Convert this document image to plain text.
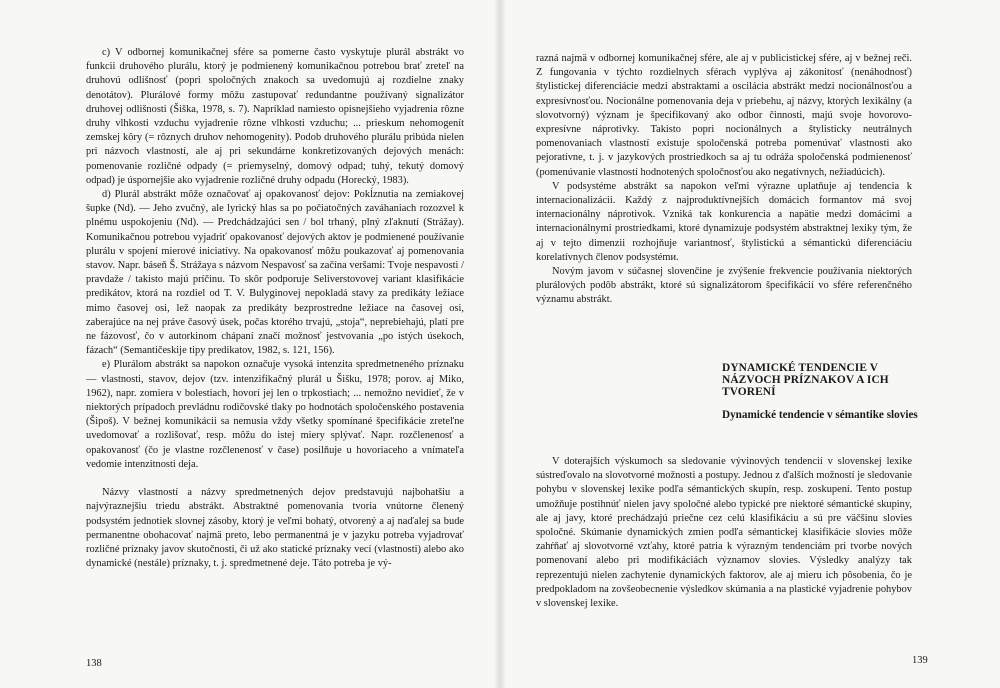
c) V odbornej komunikačnej sfére sa pomerne často vyskytuje plurál abstrákt vo funkcii druhového plurálu, ktorý je podmienený komunikačnou potrebou brať zreteľ na druhovú odlišnosť (popri spoločných znakoch sa uvedomujú aj rozdielne znaky denotátov). Plurálové formy môžu zastupovať redundantne používaný signalizátor druhovej odlišnosti (Šiška, 1978, s. 7). Napríklad namiesto opisnejšieho vyjadrenia rôzne druhy vlhkosti vzduchu vyjadrenie rôzne vlhkosti vzduchu; ... prieskum nehomogenít zemskej kôry (= rôznych druhov nehomogenity). Podob druhového plurálu pribúda nielen pri názvoch vlastností, ale aj pri sekundárne konkretizovaných dejových menách: pomenovanie rozličné odpady (= priemyselný, domový odpad; tuhý, tekutý domový odpad) je úspornejšie ako vyjadrenie rozličné druhy odpadu (Horecký, 1983).

d) Plurál abstrákt môže označovať aj opakovanosť dejov: Pokĺznutia na zemiakovej šupke (Nd). — Jeho zvučný, ale lyrický hlas sa po počiatočných zaváhaniach rozozvel k plnému uspokojeniu (Nd). — Predchádzajúci sen / bol trhaný, plný zľaknutí (Strážay). Komunikačnou potrebou vyjadriť opakovanosť dejových aktov je podmienené používanie plurálu v spojení mierové iniciatívy. Na opakovanosť môžu poukazovať aj pomenovania stavov. Napr. báseň Š. Strážaya s názvom Nespavosť sa začína veršami: Tvoje nespavosti / pravdaže / takisto majú príčinu. To skôr podporuje Seliverstovovej variant klasifikácie predikátov, ktorá na rozdiel od T. V. Bulyginovej nepokladá stavy za predikáty ležiace mimo časovej osi, lež naopak za predikáty bezprostredne ležiace na časovej osi, zaberajúce na nej práve časový úsek, počas ktorého trvajú, „stoja“, neprebiehajú, platí pre ne fázovosť, čo v autorkinom chápaní značí možnosť jestvovania „po istých úsekoch, fázach“ (Semantičeskije tipy predikatov, 1982, s. 121, 156).

e) Plurálom abstrákt sa napokon označuje vysoká intenzita spredmetneného príznaku — vlastnosti, stavov, dejov (tzv. intenzifikačný plurál u Šišku, 1978; porov. aj Miko, 1962), napr. zomiera v bolestiach, hovorí jej len o trpkostiach; ... nemožno nevidieť, že v niektorých prípadoch prevládnu rodičovské tlaky po hodnotách spoločenského postavenia (Šipoš). V bežnej komunikácii sa nemusia vždy všetky spomínané špecifikácie zreteľne uvedomovať a rozlišovať, resp. môžu do istej miery splývať. Napr. rozčlenenosť a opakovanosť (čo je vlastne rozčlenenosť v čase) posilňuje u hovoriaceho a vnímateľa vedomie intenzitnosti deja.

Názvy vlastností a názvy spredmetnených dejov predstavujú najbohatšiu a najvýraznejšiu triedu abstrákt. Abstraktné pomenovania tvoria vnútorne členený podsystém jednotiek slovnej zásoby, ktorý je veľmi bohatý, otvorený a aj naďalej sa bude permanentne obohacovať najmä preto, lebo permanentná je v jazyku potreba vyjadrovať rozličné príznaky javov skutočnosti, či už ako statické príznaky vecí (vlastnosti) alebo ako dynamické (nestále) príznaky, t. j. spredmetnené deje. Táto potreba je vý-

138

razná najmä v odbornej komunikačnej sfére, ale aj v publicistickej sfére, aj v bežnej reči. Z fungovania v týchto rozdielnych sférach vyplýva aj zákonitosť (nenáhodnosť) štylistickej diferenciácie medzi abstraktami a osciláciа abstrákt medzi nocionálnosťou a expresívnosťou. Nocionálne pomenovania deja v priebehu, aj názvy, ktorých lexikálny (a slovotvorný) význam je špecifikovaný ako odbor činnosti, majú svoje hovorovo-expresívne náprotivky. Takisto popri nocionálnych a štylisticky neutrálnych pomenovaniach vlastností existuje spoločenská potreba pomenúvať vlastnosti ako pejoratívne, t. j. v jazykových prostriedkoch sa aj tu odráža spoločenská podmienenosť (pomenúvanie vlastností hodnotených spoločnosťou ako negatívnych, nežiadúcich).

V podsystéme abstrákt sa napokon veľmi výrazne uplatňuje aj tendencia k internacionalizácii. Každý z najproduktívnejších domácich formantov má svoj internacionálny náprotivok. Vzniká tak konkurencia a napätie medzi domácimi a internacionálnymi prostriedkami, ktoré dynamizuje podsystém abstraktnej lexiky tým, že aj v tejto dimenzii rozhojňuje variantnosť, štylistickú a sémantickú diferenciáciu korelatívnych členov podsystémи.

Novým javom v súčasnej slovenčine je zvýšenie frekvencie používania niektorých plurálových podôb abstrákt, ktoré sú signalizátorom špecifikácií vo sfére referenčného významu abstrákt.

DYNAMICKÉ TENDENCIE V NÁZVOCH PRÍZNAKOV A ICH TVORENÍ
Dynamické tendencie v sémantike slovies

V doterajších výskumoch sa sledovanie vývinových tendencií v slovenskej lexike sústreďovalo na slovotvorné možnosti a postupy. Jednou z ďalších možností je sledovanie pohybu v slovenskej lexike podľa sémantických skupín, resp. zoskupení. Tento postup umožňuje postihnúť nielen javy spoločné alebo typické pre niektoré sémantické skupiny, ale aj javy, ktoré prechádzajú priečne cez celú klasifikáciu a sú pre väčšinu slovies spoločné. Skúmanie dynamických zmien podľa sémantickej klasifikácie slovies môže zahŕňať aj slovotvorné vzťahy, ktoré patria k výrazným tendenciám pri tvorbe nových pomenovaní alebo pri modifikáciách významov slovies. Výsledky analýzy tak reprezentujú nielen zachytenie dynamických faktorov, ale aj mieru ich pôsobenia, čo je predpokladom na zovšeobecnenie výsledkov skúmania a na plastické vyjadrenie pohybov v slovenskej lexike.

139
